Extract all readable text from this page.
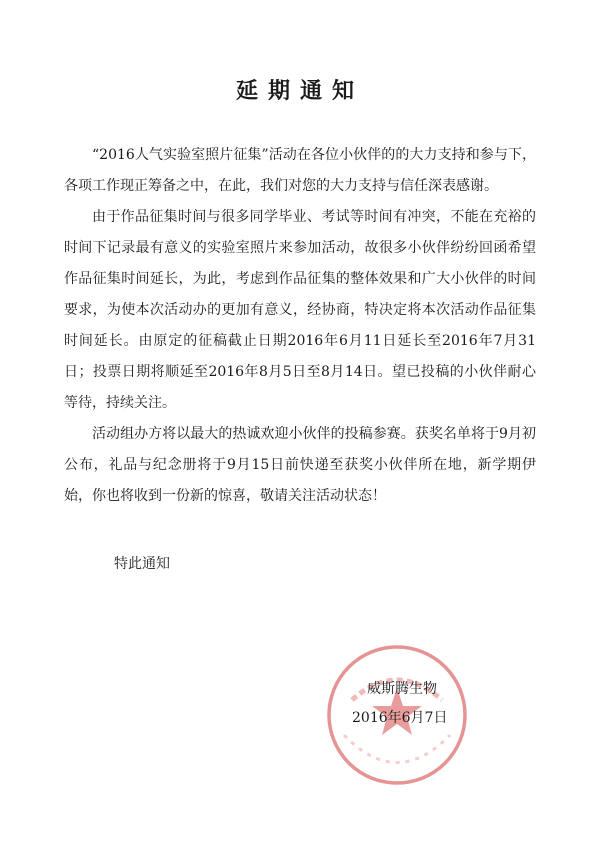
延期通知

“2016人气实验室照片征集”活动在各位小伙伴的的大力支持和参与下，各项工作现正筹备之中，在此，我们对您的大力支持与信任深表感谢。

由于作品征集时间与很多同学毕业、考试等时间有冲突，不能在充裕的时间下记录最有意义的实验室照片来参加活动，故很多小伙伴纷纷回函希望作品征集时间延长，为此，考虑到作品征集的整体效果和广大小伙伴的时间要求，为使本次活动办的更加有意义，经协商，特决定将本次活动作品征集时间延长。由原定的征稿截止日期2016年6月11日延长至2016年7月31日；投票日期将顺延至2016年8月5日至8月14日。望已投稿的小伙伴耐心等待，持续关注。

活动组办方将以最大的热诚欢迎小伙伴的投稿参赛。获奖名单将于9月初公布，礼品与纪念册将于9月15日前快递至获奖小伙伴所在地，新学期伊始，你也将收到一份新的惊喜，敬请关注活动状态！

特此通知
威斯腾生物
2016年6月7日
